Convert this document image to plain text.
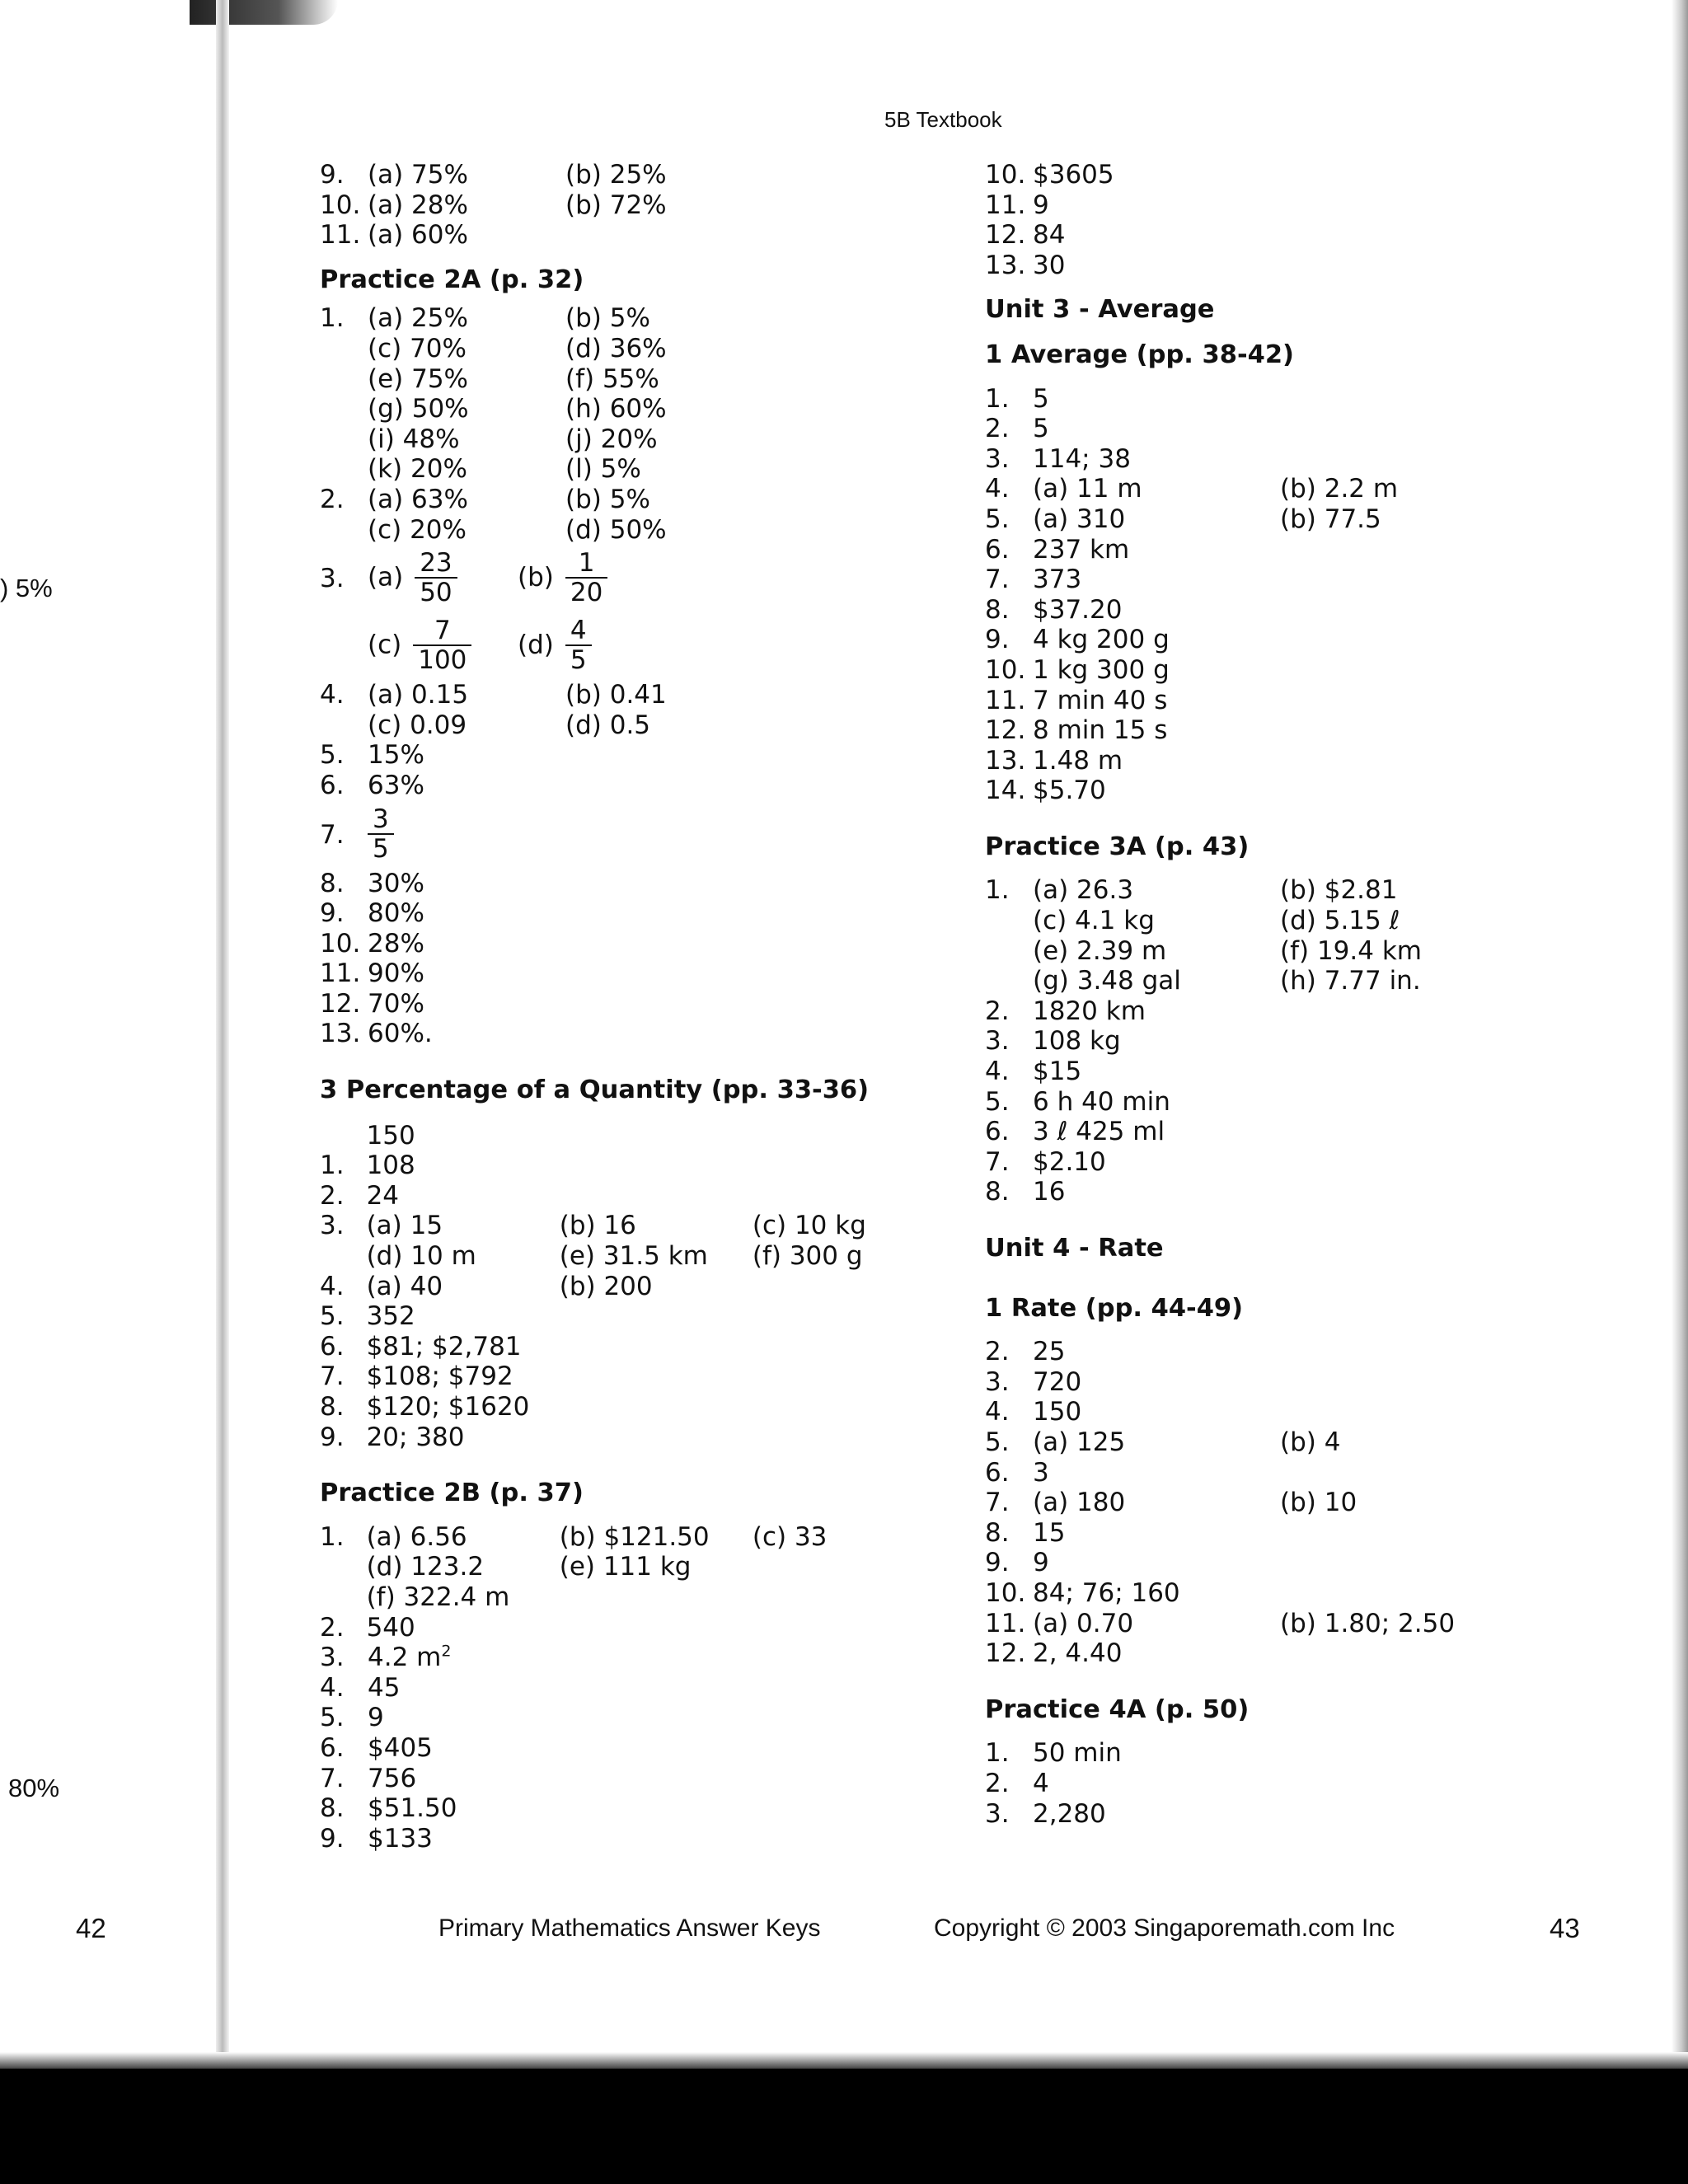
) 5%
80%
5B Textbook
9. (a) 75%	(b) 25%
10. (a) 28%	(b) 72%
11. (a) 60%
Practice 2A (p. 32)
1. (a) 25%	(b) 5%
(c) 70%	(d) 36%
(e) 75%	(f) 55%
(g) 50%	(h) 60%
(i) 48%	(j) 20%
(k) 20%	(l) 5%
2. (a) 63%	(b) 5%
(c) 20%	(d) 50%
3. $(a) \frac{23}{50} (b) \frac{1}{20}$
$(c) \frac{7}{100} (d) \frac{4}{5}$
4. (a) 0.15	(b) 0.41
(c) 0.09	(d) 0.5
5. 15%
6. 63%
7. $\frac{3}{5}$
8. 30%
9. 80%
10. 28%
11. 90%
12. 70%
13. 60%.
3 Percentage of a Quantity (pp. 33-36)
150
1. 108
2. 24
3. (a) 15	(b) 16	(c) 10 kg
(d) 10 m	(e) 31.5 km	(f) 300 g
4. (a) 40	(b) 200
5. 352
6. $81; $2,781
7. $108; $792
8. $120; $1620
9. 20; 380
Practice 2B (p. 37)
1. (a) 6.56	(b) $121.50	(c) 33
(d) 123.2	(e) 111 kg
(f) 322.4 m
2. 540
3. 4.2 $m^2$
4. 45
5. 9
6. $405
7. 756
8. $51.50
9. $133
10. $3605
11. 9
12. 84
13. 30
Unit 3 - Average
1 Average (pp. 38-42)
1. 5
2. 5
3. 114; 38
4. (a) 11 m	(b) 2.2 m
5. (a) 310	(b) 77.5
6. 237 km
7. 373
8. $37.20
9. 4 kg 200 g
10. 1 kg 300 g
11. 7 min 40 s
12. 8 min 15 s
13. 1.48 m
14. $5.70
Practice 3A (p. 43)
1. (a) 26.3	(b) $2.81
(c) 4.1 kg	(d) 5.15 ℓ
(e) 2.39 m	(f) 19.4 km
(g) 3.48 gal	(h) 7.77 in.
2. 1820 km
3. 108 kg
4. $15
5. 6 h 40 min
6. 3 ℓ 425 ml
7. $2.10
8. 16
Unit 4 - Rate
1 Rate (pp. 44-49)
2. 25
3. 720
4. 150
5. (a) 125	(b) 4
6. 3
7. (a) 180	(b) 10
8. 15
9. 9
10. 84; 76; 160
11. (a) 0.70	(b) 1.80; 2.50
12. 2, 4.40
Practice 4A (p. 50)
1. 50 min
2. 4
3. 2,280
42	Primary Mathematics Answer Keys	Copyright © 2003 Singaporemath.com Inc	43
